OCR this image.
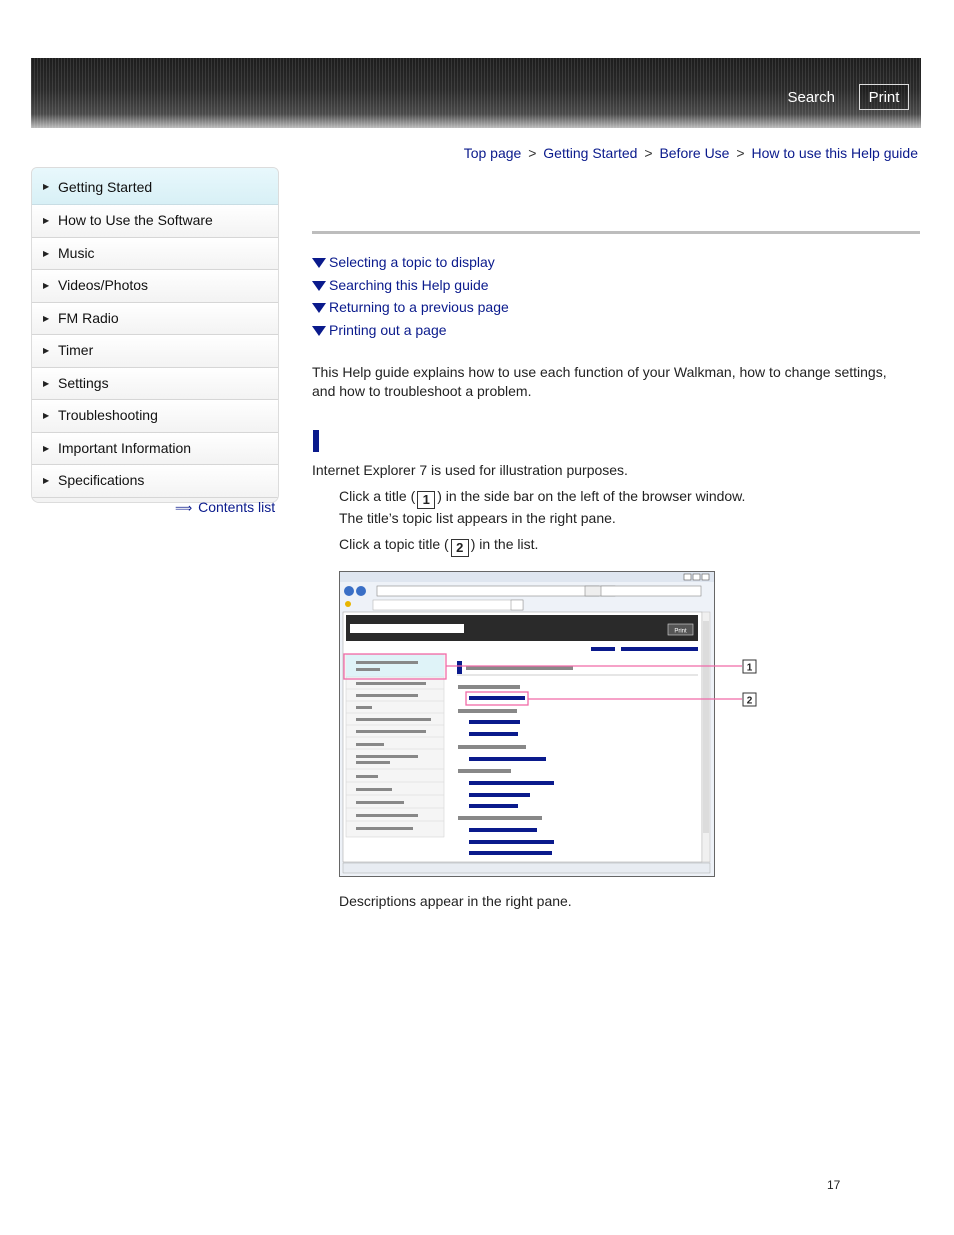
Search	Print
Top page > Getting Started > Before Use > How to use this Help guide
▶ Getting Started
▶ How to Use the Software
▶ Music
▶ Videos/Photos
▶ FM Radio
▶ Timer
▶ Settings
▶ Troubleshooting
▶ Important Information
▶ Specifications
⟹ Contents list
Selecting a topic to display
Searching this Help guide
Returning to a previous page
Printing out a page
This Help guide explains how to use each function of your Walkman, how to change settings, and how to troubleshoot a problem.
Internet Explorer 7 is used for illustration purposes.
Click a title ( 1 ) in the side bar on the left of the browser window.
The title’s topic list appears in the right pane.
Click a topic title ( 2 ) in the list.
Print
1
2
Descriptions appear in the right pane.
17
